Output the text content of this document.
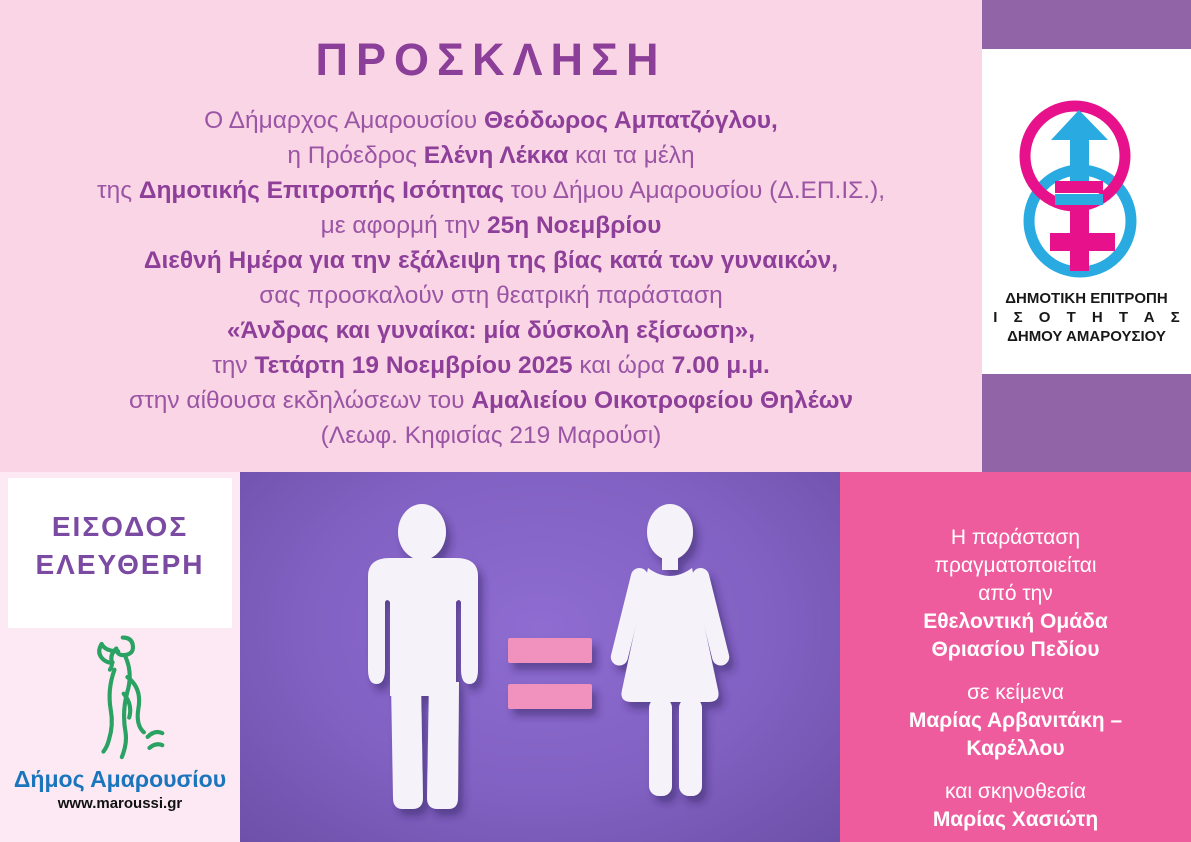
ΠΡΟΣΚΛΗΣΗ
Ο Δήμαρχος Αμαρουσίου Θεόδωρος Αμπατζόγλου,
η Πρόεδρος Ελένη Λέκκα και τα μέλη
της Δημοτικής Επιτροπής Ισότητας του Δήμου Αμαρουσίου (Δ.ΕΠ.ΙΣ.),
με αφορμή την 25η Νοεμβρίου
Διεθνή Ημέρα για την εξάλειψη της βίας κατά των γυναικών,
σας προσκαλούν στη θεατρική παράσταση
«Άνδρας και γυναίκα: μία δύσκολη εξίσωση»,
την Τετάρτη 19 Νοεμβρίου 2025 και ώρα 7.00 μ.μ.
στην αίθουσα εκδηλώσεων του Αμαλιείου Οικοτροφείου Θηλέων
(Λεωφ. Κηφισίας 219 Μαρούσι)
ΔΗΜΟΤΙΚΗ ΕΠΙΤΡΟΠΗ
Ι Σ Ο Τ Η Τ Α Σ
ΔΗΜΟΥ ΑΜΑΡΟΥΣΙΟΥ
ΕΙΣΟΔΟΣ
ΕΛΕΥΘΕΡΗ
Δήμος Αμαρουσίου
www.maroussi.gr
Η παράσταση
πραγματοποιείται
από την
Εθελοντική Ομάδα
Θριασίου Πεδίου
σε κείμενα
Μαρίας Αρβανιτάκη –
Καρέλλου
και σκηνοθεσία
Μαρίας Χασιώτη
